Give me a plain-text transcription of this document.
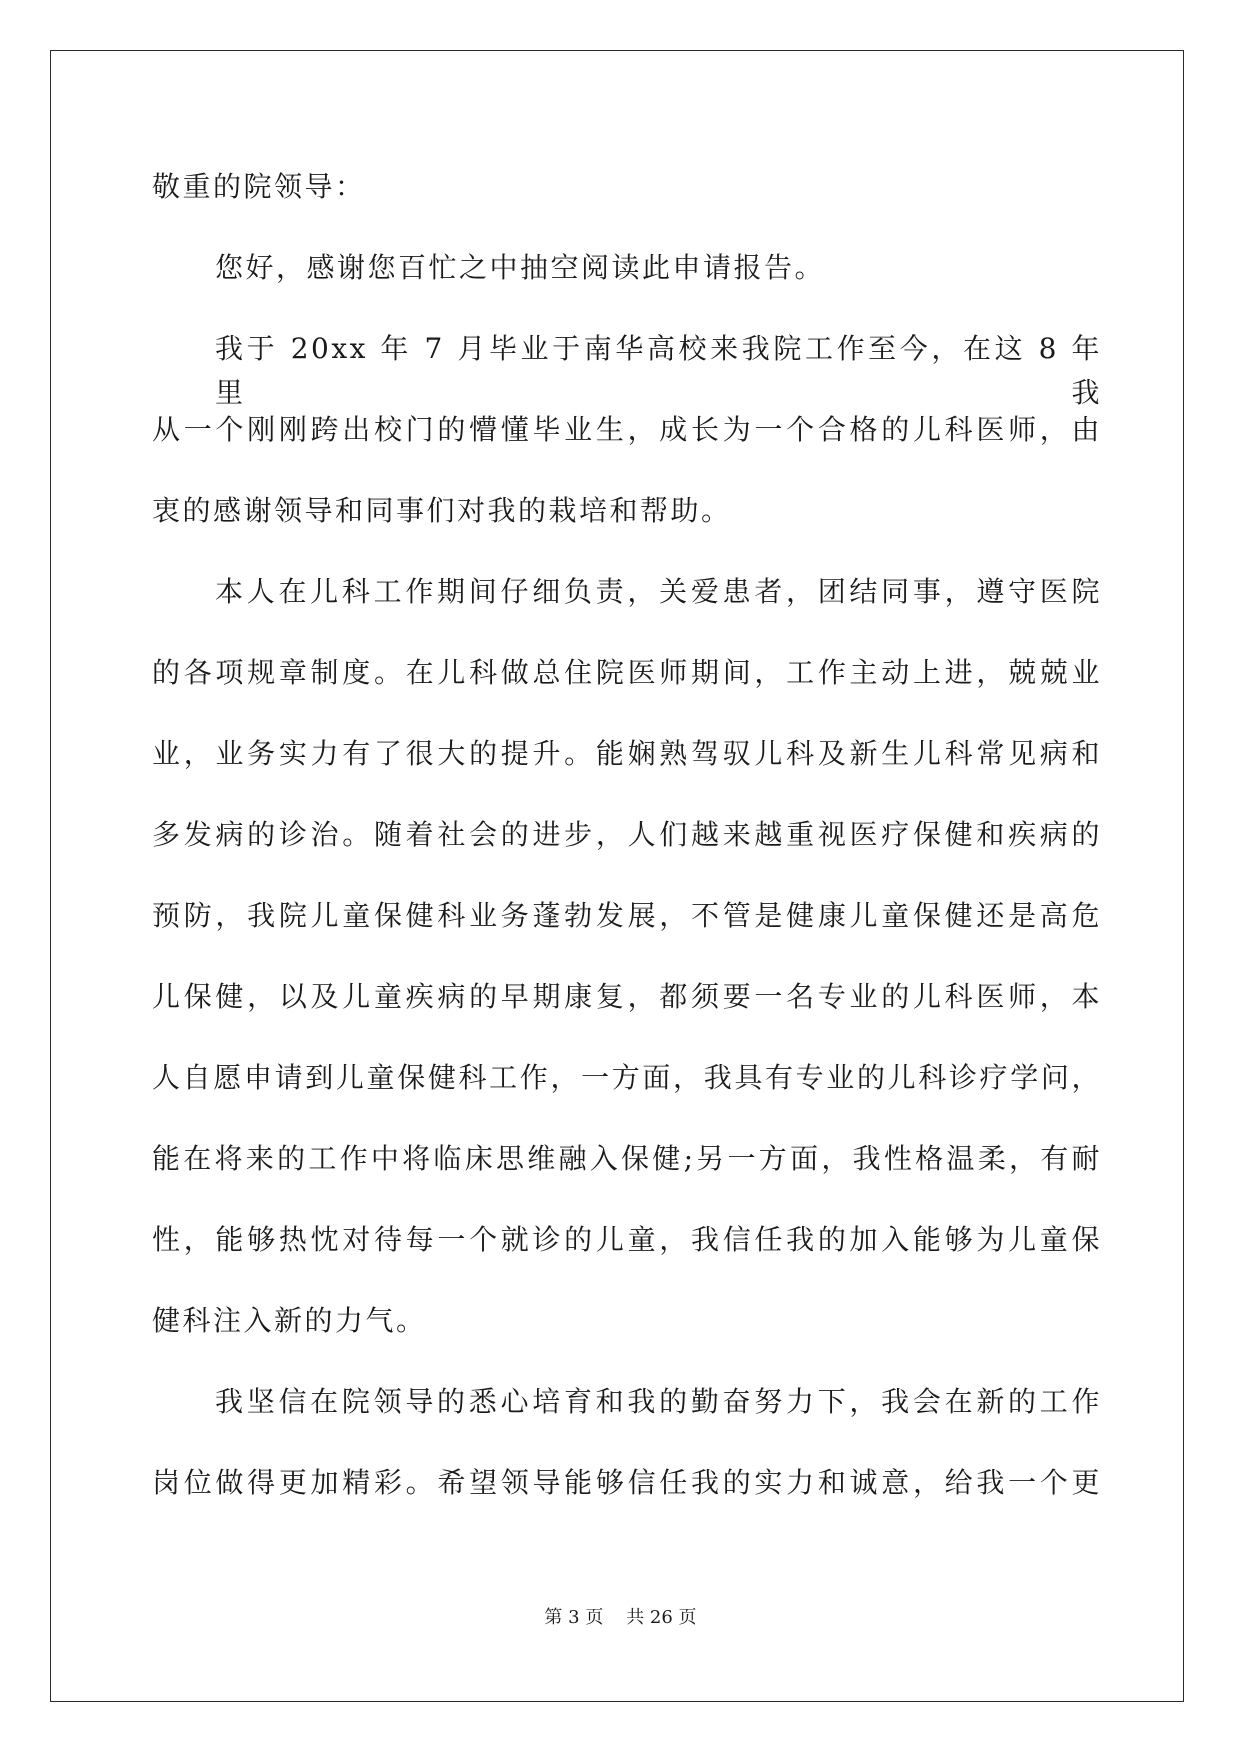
敬重的院领导：
您好，感谢您百忙之中抽空阅读此申请报告。
我于 20xx 年 7 月毕业于南华高校来我院工作至今，在这 8 年里我
从一个刚刚跨出校门的懵懂毕业生，成长为一个合格的儿科医师，由
衷的感谢领导和同事们对我的栽培和帮助。
本人在儿科工作期间仔细负责，关爱患者，团结同事，遵守医院
的各项规章制度。在儿科做总住院医师期间，工作主动上进，兢兢业
业，业务实力有了很大的提升。能娴熟驾驭儿科及新生儿科常见病和
多发病的诊治。随着社会的进步，人们越来越重视医疗保健和疾病的
预防，我院儿童保健科业务蓬勃发展，不管是健康儿童保健还是高危
儿保健，以及儿童疾病的早期康复，都须要一名专业的儿科医师，本
人自愿申请到儿童保健科工作，一方面，我具有专业的儿科诊疗学问，
能在将来的工作中将临床思维融入保健;另一方面，我性格温柔，有耐
性，能够热忱对待每一个就诊的儿童，我信任我的加入能够为儿童保
健科注入新的力气。
我坚信在院领导的悉心培育和我的勤奋努力下，我会在新的工作
岗位做得更加精彩。希望领导能够信任我的实力和诚意，给我一个更
第 3 页    共 26 页
